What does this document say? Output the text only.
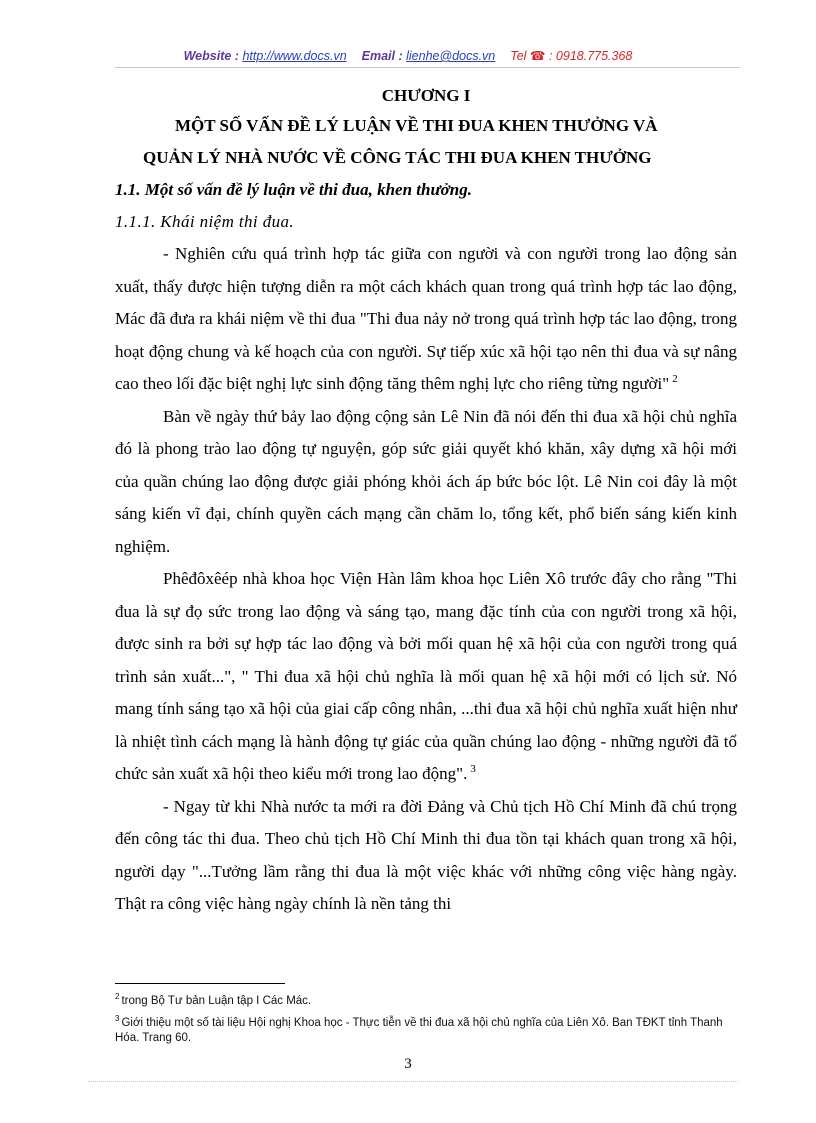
Website : http://www.docs.vn Email : lienhe@docs.vn Tel ☎ : 0918.775.368

CHƯƠNG I

MỘT SỐ VẤN ĐỀ LÝ LUẬN VỀ THI ĐUA KHEN THƯỞNG VÀ

QUẢN LÝ NHÀ NƯỚC VỀ CÔNG TÁC THI ĐUA KHEN THƯỞNG

1.1. Một số vấn đề lý luận về thi đua, khen thưởng.

1.1.1. Khái niệm thi đua.

- Nghiên cứu quá trình hợp tác giữa con người và con người trong lao động sản xuất, thấy được hiện tượng diễn ra một cách khách quan trong quá trình hợp tác lao động, Mác đã đưa ra khái niệm về thi đua "Thi đua nảy nở trong quá trình hợp tác lao động, trong hoạt động chung và kế hoạch của con người. Sự tiếp xúc xã hội tạo nên thi đua và sự nâng cao theo lối đặc biệt nghị lực sinh động tăng thêm nghị lực cho riêng từng người" $^2$

Bàn về ngày thứ bảy lao động cộng sản Lê Nin đã nói đến thi đua xã hội chủ nghĩa đó là phong trào lao động tự nguyện, góp sức giải quyết khó khăn, xây dựng xã hội mới của quần chúng lao động được giải phóng khỏi ách áp bức bóc lột. Lê Nin coi đây là một sáng kiến vĩ đại, chính quyền cách mạng cần chăm lo, tổng kết, phổ biến sáng kiến kinh nghiệm.

Phêđôxêép nhà khoa học Viện Hàn lâm khoa học Liên Xô trước đây cho rằng "Thi đua là sự đọ sức trong lao động và sáng tạo, mang đặc tính của con người trong xã hội, được sinh ra bởi sự hợp tác lao động và bởi mối quan hệ xã hội của con người trong quá trình sản xuất...", " Thi đua xã hội chủ nghĩa là mối quan hệ xã hội mới có lịch sử. Nó mang tính sáng tạo xã hội của giai cấp công nhân, ...thi đua xã hội chủ nghĩa xuất hiện như là nhiệt tình cách mạng là hành động tự giác của quần chúng lao động - những người đã tổ chức sản xuất xã hội theo kiểu mới trong lao động". $^3$

- Ngay từ khi Nhà nước ta mới ra đời Đảng và Chủ tịch Hồ Chí Minh đã chú trọng đến công tác thi đua. Theo chủ tịch Hồ Chí Minh thi đua tồn tại khách quan trong xã hội, người dạy "...Tưởng lầm rằng thi đua là một việc khác với những công việc hàng ngày. Thật ra công việc hàng ngày chính là nền tảng thi

$^2$ trong Bộ Tư bản Luận tập I Các Mác.

$^3$ Giới thiệu một số tài liệu Hội nghị Khoa học - Thực tiễn về thi đua xã hội chủ nghĩa của Liên Xô. Ban TĐKT tỉnh Thanh Hóa. Trang 60.

3
